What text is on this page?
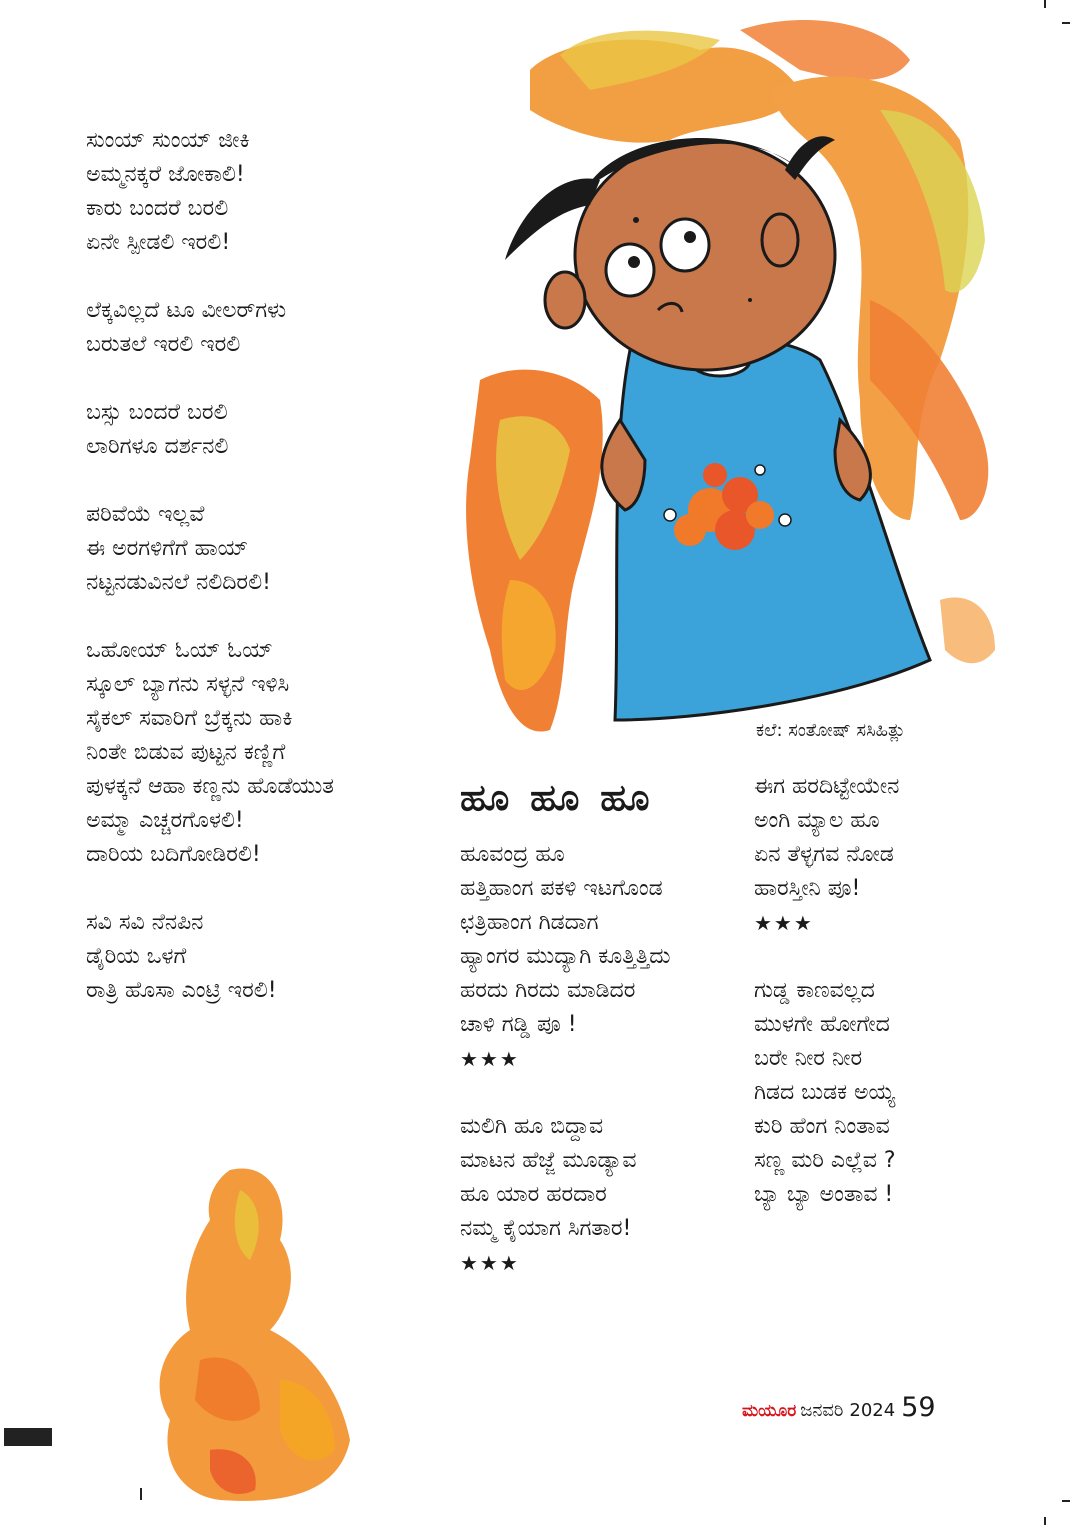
ಸುಂಯ್ ಸುಂಯ್ ಜೀಕಿ
ಅಮ್ಮನಕ್ಕರೆ ಜೋಕಾಲಿ!
ಕಾರು ಬಂದರೆ ಬರಲಿ
ಏನೇ ಸ್ಪೀಡಲಿ ಇರಲಿ!
ಲೆಕ್ಕವಿಲ್ಲದೆ ಟೂ ವೀಲರ್‌ಗಳು
ಬರುತಲೆ ಇರಲಿ ಇರಲಿ
ಬಸ್ಸು ಬಂದರೆ ಬರಲಿ
ಲಾರಿಗಳೂ ದರ್ಶನಲಿ
ಪರಿವೆಯೆ ಇಲ್ಲವೆ
ಈ ಅರಗಳಿಗೆಗೆ ಹಾಯ್
ನಟ್ಟನಡುವಿನಲೆ ನಲಿದಿರಲಿ!
ಒಹೋಯ್ ಓಯ್ ಓಯ್
ಸ್ಕೂಲ್ ಬ್ಯಾಗನು ಸಳ್ಳನೆ ಇಳಿಸಿ
ಸೈಕಲ್ ಸವಾರಿಗೆ ಬ್ರೆಕ್ಕನು ಹಾಕಿ
ನಿಂತೇ ಬಿಡುವ ಪುಟ್ಟನ ಕಣ್ಣಿಗೆ
ಪುಳಕ್ಕನೆ ಆಹಾ ಕಣ್ಣನು ಹೊಡೆಯುತ
ಅಮ್ಮಾ ಎಚ್ಚರಗೊಳಲಿ!
ದಾರಿಯ ಬದಿಗೋಡಿರಲಿ!
ಸವಿ ಸವಿ ನೆನಪಿನ
ಡೈರಿಯ ಒಳಗೆ
ರಾತ್ರಿ ಹೊಸಾ ಎಂಟ್ರಿ ಇರಲಿ!
ಹೂ ಹೂ ಹೂ
ಹೂವಂದ್ರ ಹೂ
ಹತ್ತಿಹಾಂಗ ಪಕಳಿ ಇಟಗೊಂಡ
ಛತ್ರಿಹಾಂಗ ಗಿಡದಾಗ
ಹ್ಯಾಂಗರ ಮುದ್ಯಾಗಿ ಕೂತ್ತಿತ್ತಿದು
ಹರದು ಗಿರದು ಮಾಡಿದರ
ಚಾಳಿ ಗಡ್ಡಿ ಪೂ !
★★★
ಮಲಿಗಿ ಹೂ ಬಿದ್ದಾವ
ಮಾಟನ ಹೆಜ್ಜೆ ಮೂಡ್ಯಾವ
ಹೂ ಯಾರ ಹರದಾರ
ನಮ್ಮ ಕೈಯಾಗ ಸಿಗತಾರ!
★★★
ಈಗ ಹರದಿಟ್ಟೇಯೇನ
ಅಂಗಿ ಮ್ಯಾಲ ಹೂ
ಏನ ತೆಳ್ಳಗವ ನೋಡ
ಹಾರಸ್ತೀನಿ ಪೂ!
★★★
ಗುಡ್ಡ ಕಾಣವಲ್ಲದ
ಮುಳಗೇ ಹೋಗೇದ
ಬರೇ ನೀರ ನೀರ
ಗಿಡದ ಬುಡಕ ಅಯ್ಯ
ಕುರಿ ಹೆಂಗ ನಿಂತಾವ
ಸಣ್ಣ ಮರಿ ಎಲ್ಲೆವ ?
ಬ್ಯಾ ಬ್ಯಾ ಅಂತಾವ !
ಕಲೆ: ಸಂತೋಷ್ ಸಸಿಹಿತ್ಲು
ಮಯೂರ ಜನವರಿ 2024 59
